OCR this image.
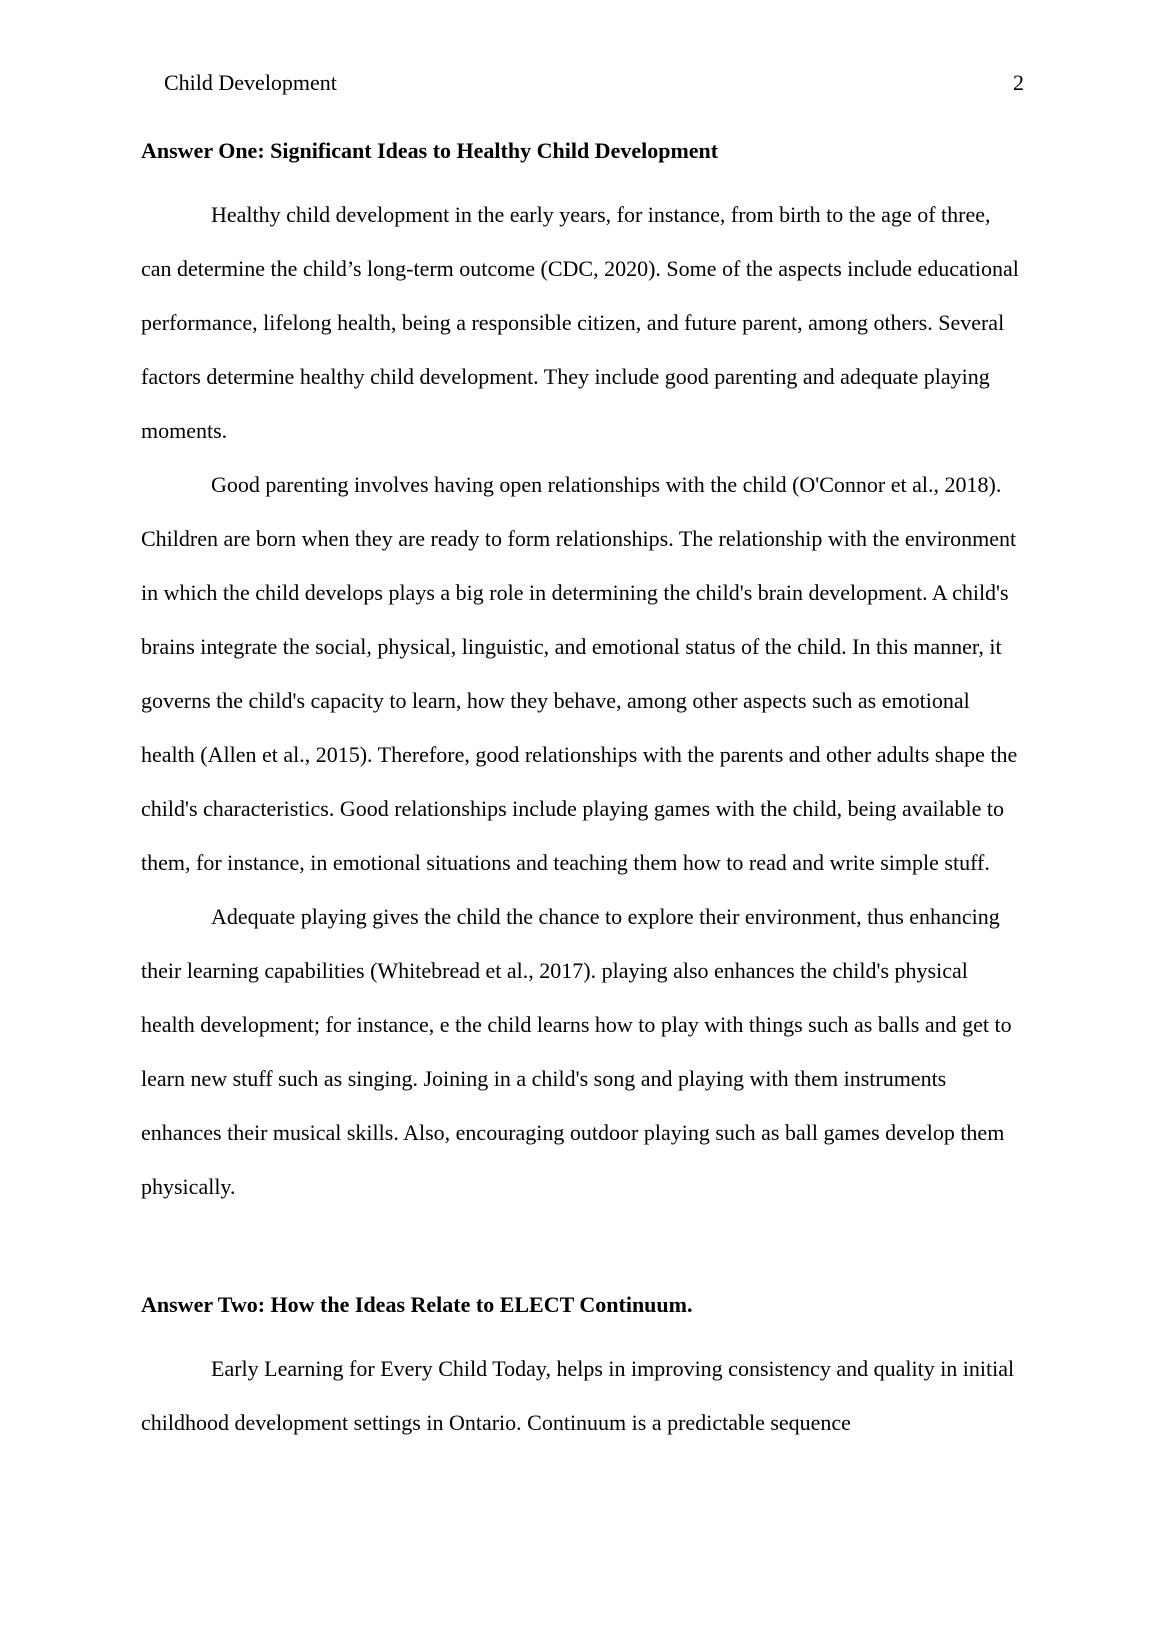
Child Development	2
Answer One: Significant Ideas to Healthy Child Development

Healthy child development in the early years, for instance, from birth to the age of three, can determine the child’s long-term outcome (CDC, 2020). Some of the aspects include educational performance, lifelong health, being a responsible citizen, and future parent, among others. Several factors determine healthy child development. They include good parenting and adequate playing moments.

Good parenting involves having open relationships with the child (O'Connor et al., 2018). Children are born when they are ready to form relationships. The relationship with the environment in which the child develops plays a big role in determining the child's brain development. A child's brains integrate the social, physical, linguistic, and emotional status of the child. In this manner, it governs the child's capacity to learn, how they behave, among other aspects such as emotional health (Allen et al., 2015). Therefore, good relationships with the parents and other adults shape the child's characteristics. Good relationships include playing games with the child, being available to them, for instance, in emotional situations and teaching them how to read and write simple stuff.

Adequate playing gives the child the chance to explore their environment, thus enhancing their learning capabilities (Whitebread et al., 2017). playing also enhances the child's physical health development; for instance, e the child learns how to play with things such as balls and get to learn new stuff such as singing. Joining in a child's song and playing with them instruments enhances their musical skills. Also, encouraging outdoor playing such as ball games develop them physically.

Answer Two: How the Ideas Relate to ELECT Continuum.

Early Learning for Every Child Today, helps in improving consistency and quality in initial childhood development settings in Ontario. Continuum is a predictable sequence
